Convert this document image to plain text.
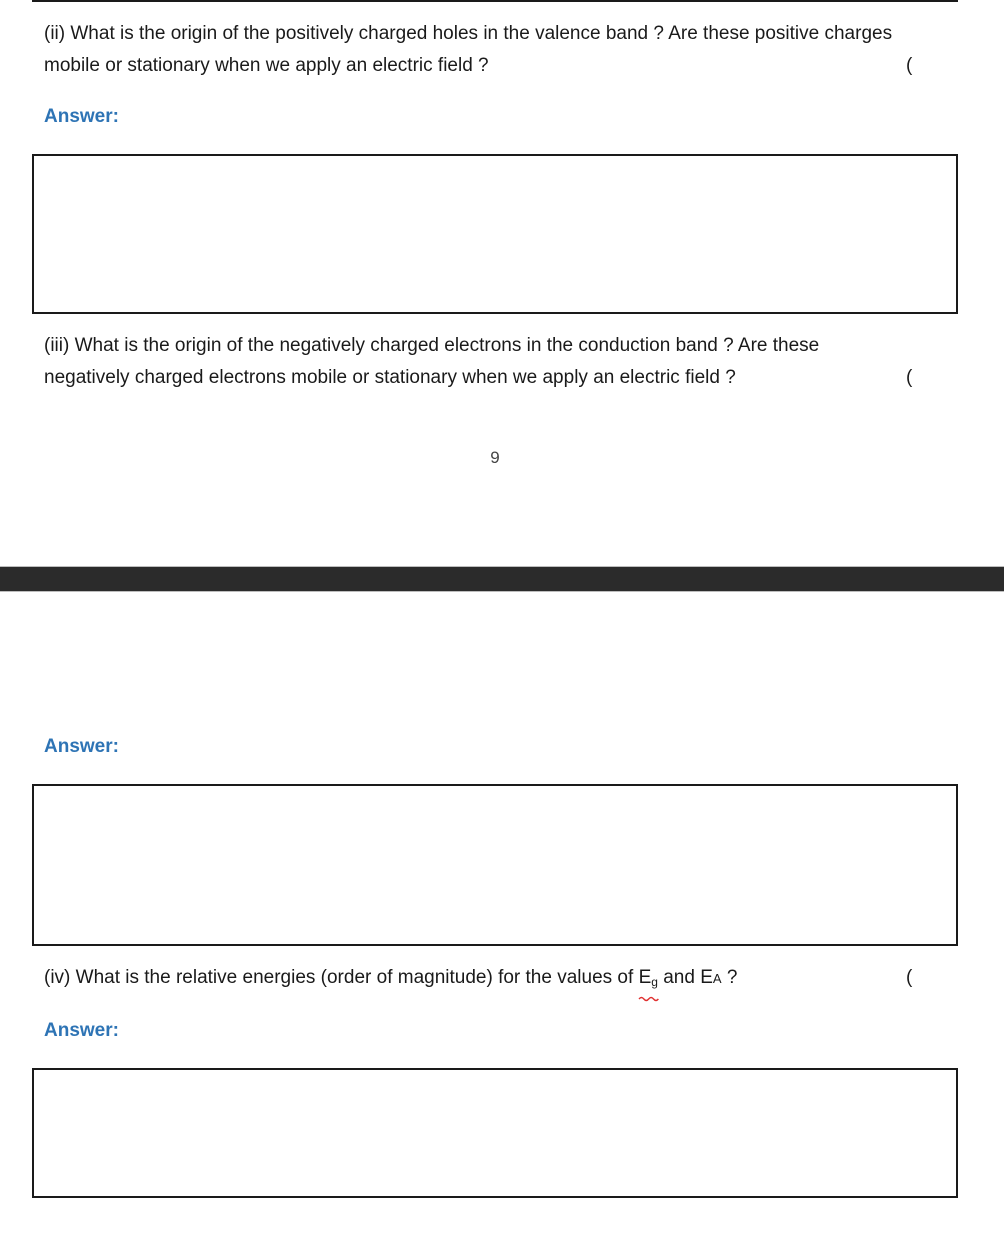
(ii) What is the origin of the positively charged holes in the valence band ? Are these positive charges
mobile or stationary when we apply an electric field ?	(
Answer:
(iii) What is the origin of the negatively charged electrons in the conduction band ? Are these
negatively charged electrons mobile or stationary when we apply an electric field ?	(
9
Answer:
(iv) What is the relative energies (order of magnitude) for the values of $E_g$
and EA ?	(
Answer:
